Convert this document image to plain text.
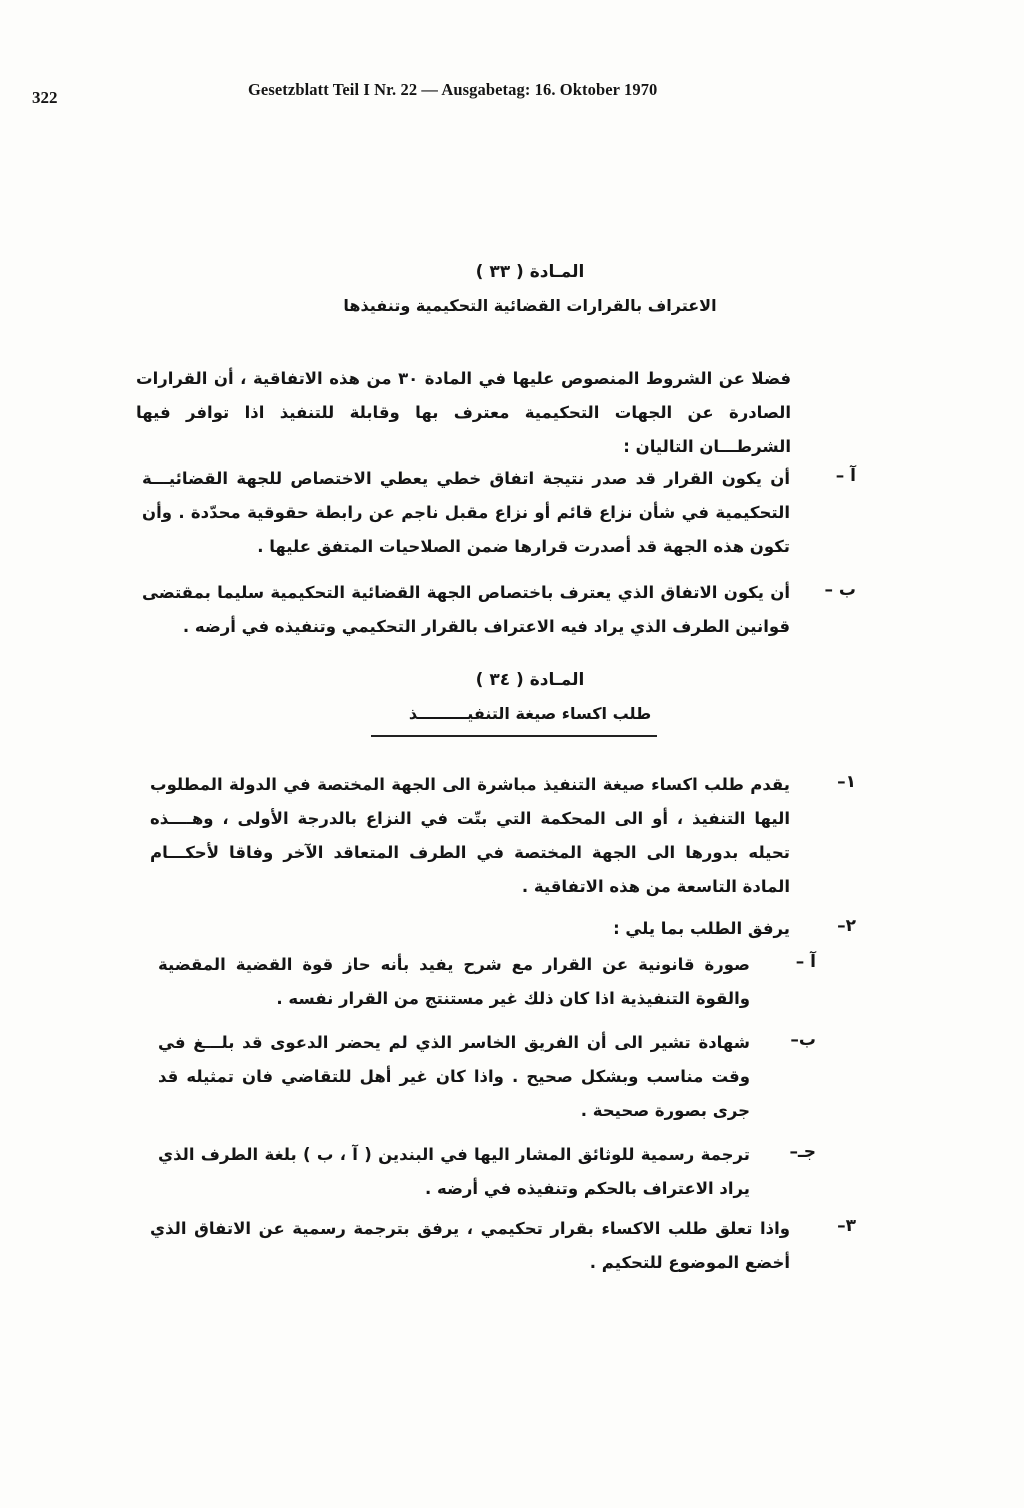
322	Gesetzblatt Teil I Nr. 22 — Ausgabetag: 16. Oktober 1970
المـادة ( ٣٣ )
الاعتراف بالقرارات القضائية التحكيمية وتنفيذها
فضلا عن الشروط المنصوص عليها في المادة ٣٠ من هذه الاتفاقية ، أن القرارات الصادرة عن الجهات التحكيمية معترف بها وقابلة للتنفيذ اذا توافر فيها الشرطـــان التاليان :
آ –
أن يكون القرار قد صدر نتيجة اتفاق خطي يعطي الاختصاص للجهة القضائيـــة التحكيمية في شأن نزاع قائم أو نزاع مقبل ناجم عن رابطة حقوقية محدّدة . وأن تكون هذه الجهة قد أصدرت قرارها ضمن الصلاحيات المتفق عليها .
ب –
أن يكون الاتفاق الذي يعترف باختصاص الجهة القضائية التحكيمية سليما بمقتضى قوانين الطرف الذي يراد فيه الاعتراف بالقرار التحكيمي وتنفيذه في أرضه .
المـادة ( ٣٤ )
طلب اكساء صيغة التنفيـــــــــذ
١–
يقدم طلب اكساء صيغة التنفيذ مباشرة الى الجهة المختصة في الدولة المطلوب اليها التنفيذ ، أو الى المحكمة التي بتّت في النزاع بالدرجة الأولى ، وهــــذه تحيله بدورها الى الجهة المختصة في الطرف المتعاقد الآخر وفاقا لأحكـــام المادة التاسعة من هذه الاتفاقية .
٢–
يرفق الطلب بما يلي :
آ –
صورة قانونية عن القرار مع شرح يفيد بأنه حاز قوة القضية المقضية والقوة التنفيذية اذا كان ذلك غير مستنتج من القرار نفسه .
ب–
شهادة تشير الى أن الفريق الخاسر الذي لم يحضر الدعوى قد بلـــغ في وقت مناسب وبشكل صحيح . واذا كان غير أهل للتقاضي فان تمثيله قد جرى بصورة صحيحة .
جـ–
ترجمة رسمية للوثائق المشار اليها في البندين ( آ ، ب ) بلغة الطرف الذي يراد الاعتراف بالحكم وتنفيذه في أرضه .
٣–
واذا تعلق طلب الاكساء بقرار تحكيمي ، يرفق بترجمة رسمية عن الاتفاق الذي أخضع الموضوع للتحكيم .
